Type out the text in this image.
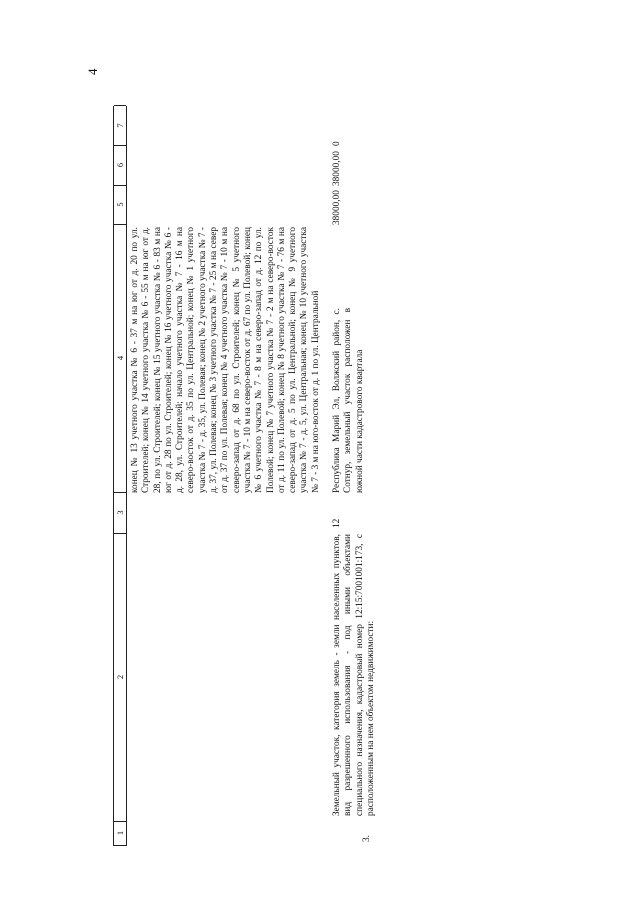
4
1
2
3
4
5
6
7
конец № 13 учетного участка № 6 - 37 м на юг от д. 20 по ул. Строителей; конец № 14 учетного участка № 6 - 55 м на юг от д. 28, по ул. Строителей; конец № 15 учетного участка № 6 - 83 м на юг от д. 28 по ул. Строителей; конец № 16 учетного участка № 6 - д. 28, ул. Строителей; начало учетного участка № 7 - 16 м на северо-восток от д. 35 по ул. Центральной; конец № 1 учетного участка № 7 - д. 35, ул. Полевая; конец № 2 учетного участка № 7 - д. 37, ул. Полевая; конец № 3 учетного участка № 7 - 25 м на север от д. 37 по ул. Полевая; конец № 4 учетного участка № 7 - 10 м на северо-запад от д. 68 по ул. Строителей; конец № 5 учетного участка № 7 - 10 м на северо-восток от д. 67 по ул. Полевой; конец № 6 учетного участка № 7 - 8 м на северо-запад от д. 12 по ул. Полевой; конец № 7 учетного участка № 7 - 2 м на северо-восток от д. 11 по ул. Полевой; конец № 8 учетного участка № 7 - 76 м на северо-запад от д. 5 по ул. Центральной; конец № 9 учетного участка № 7 - д. 5, ул. Центральная; конец № 10 учетного участка № 7 - 3 м на юго-восток от д. 1 по ул. Центральной
3.
Земельный участок, категория земель - земли населенных пунктов, вид разрешенного использования - под иными объектами специального назначения, кадастровый номер 12:15:7001001:173, с расположенным на нем объектом недвижимости:
12
Республика Марий Эл, Волжский район, с. Сотнур, земельный участок расположен в южной части кадастрового квартала
38000,00
38000,00
0
